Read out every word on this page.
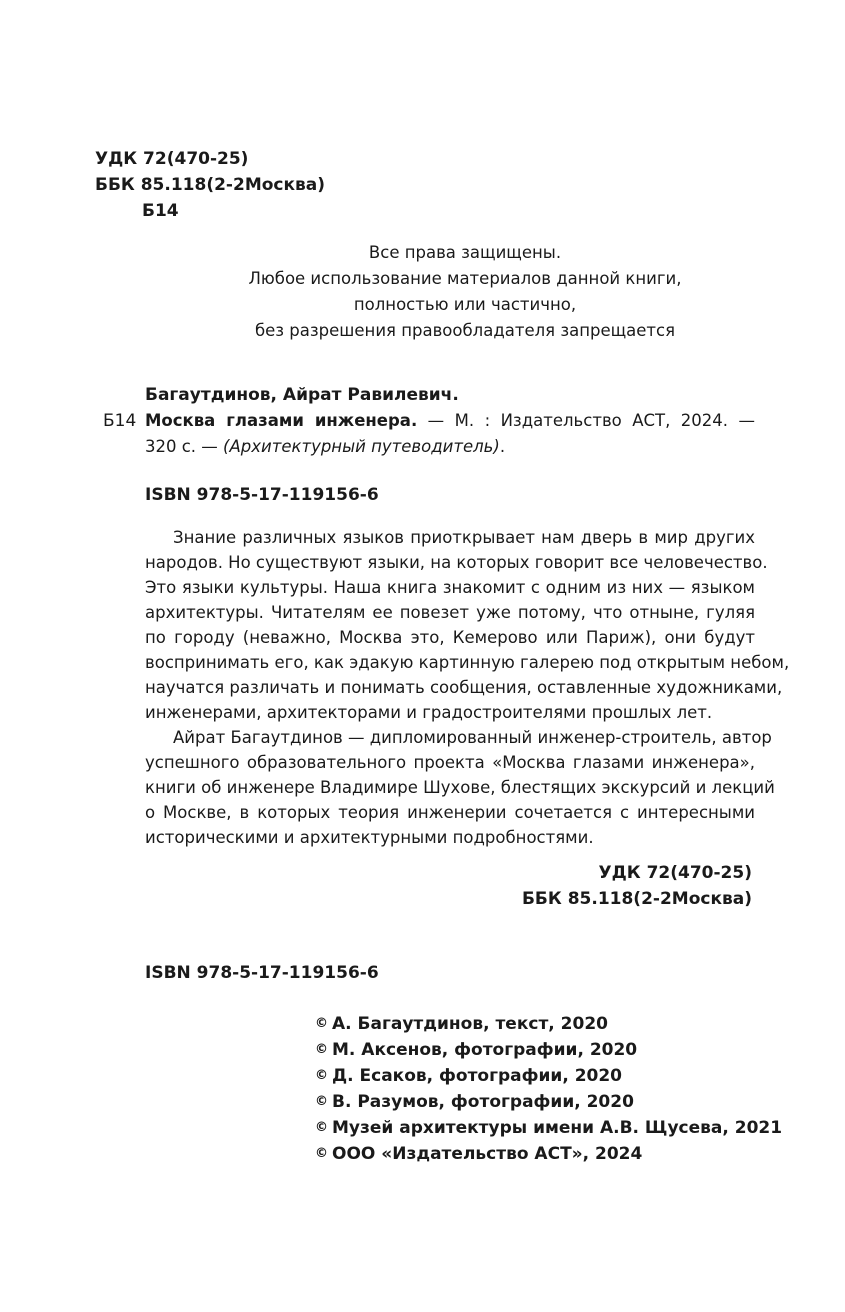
УДК 72(470-25)
ББК 85.118(2-2Москва)
Б14
Все права защищены.
Любое использование материалов данной книги,
полностью или частично,
без разрешения правообладателя запрещается
Багаутдинов, Айрат Равилевич.
Б14 Москва глазами инженера. — М. : Издательство АСТ, 2024. —
320 с. — (Архитектурный путеводитель).
ISBN 978-5-17-119156-6
Знание различных языков приоткрывает нам дверь в мир других
народов. Но существуют языки, на которых говорит все человечество.
Это языки культуры. Наша книга знакомит с одним из них — языком
архитектуры. Читателям ее повезет уже потому, что отныне, гуляя
по городу (неважно, Москва это, Кемерово или Париж), они будут
воспринимать его, как эдакую картинную галерею под открытым небом,
научатся различать и понимать сообщения, оставленные художниками,
инженерами, архитекторами и градостроителями прошлых лет.
Айрат Багаутдинов — дипломированный инженер-строитель, автор
успешного образовательного проекта «Москва глазами инженера»,
книги об инженере Владимире Шухове, блестящих экскурсий и лекций
о Москве, в которых теория инженерии сочетается с интересными
историческими и архитектурными подробностями.
УДК 72(470-25)
ББК 85.118(2-2Москва)
ISBN 978-5-17-119156-6
© А. Багаутдинов, текст, 2020
© М. Аксенов, фотографии, 2020
© Д. Есаков, фотографии, 2020
© В. Разумов, фотографии, 2020
© Музей архитектуры имени А.В. Щусева, 2021
© ООО «Издательство АСТ», 2024
